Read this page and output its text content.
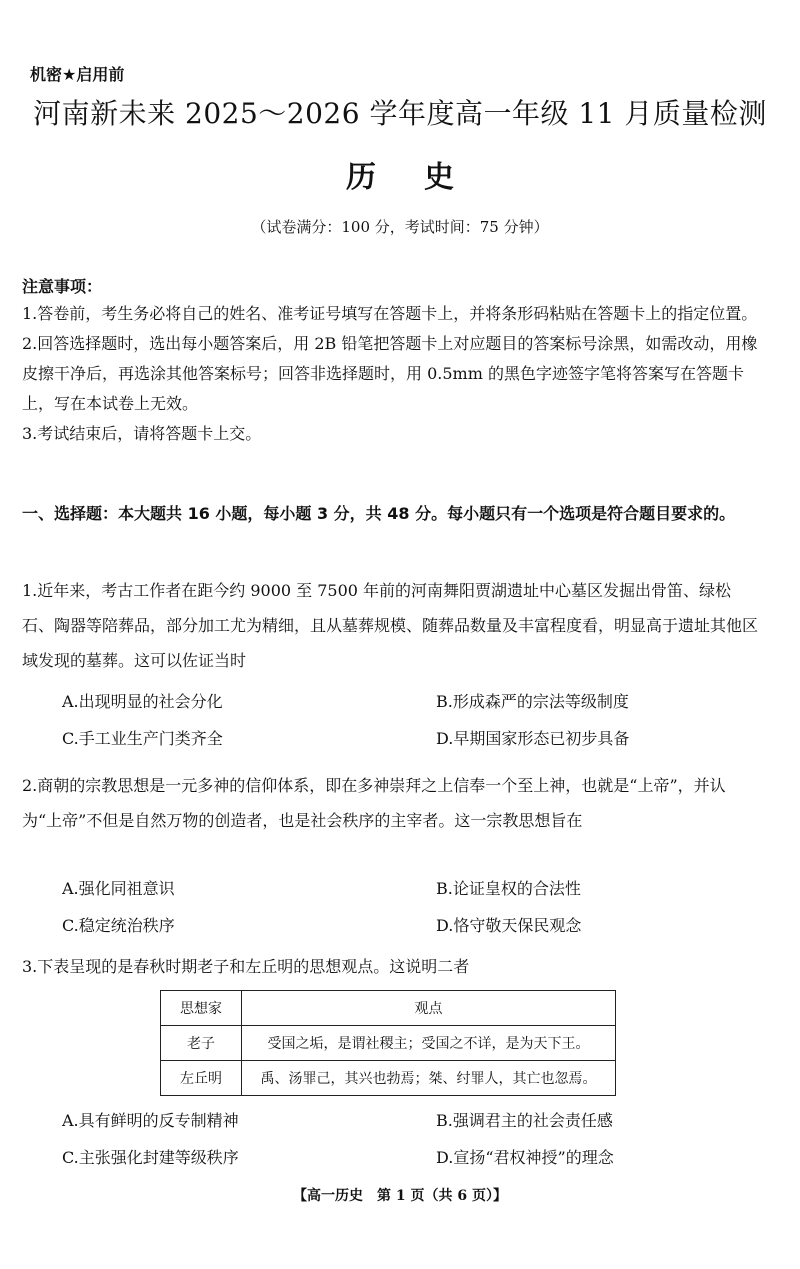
机密★启用前
河南新未来 2025～2026 学年度高一年级 11 月质量检测
历史
（试卷满分：100 分，考试时间：75 分钟）
注意事项：

1.答卷前，考生务必将自己的姓名、准考证号填写在答题卡上，并将条形码粘贴在答题卡上的指定位置。

2.回答选择题时，选出每小题答案后，用 2B 铅笔把答题卡上对应题目的答案标号涂黑，如需改动，用橡皮擦干净后，再选涂其他答案标号；回答非选择题时，用 0.5mm 的黑色字迹签字笔将答案写在答题卡上，写在本试卷上无效。

3.考试结束后，请将答题卡上交。

一、选择题：本大题共 16 小题，每小题 3 分，共 48 分。每小题只有一个选项是符合题目要求的。
1.近年来，考古工作者在距今约 9000 至 7500 年前的河南舞阳贾湖遗址中心墓区发掘出骨笛、绿松石、陶器等陪葬品，部分加工尤为精细，且从墓葬规模、随葬品数量及丰富程度看，明显高于遗址其他区域发现的墓葬。这可以佐证当时
A.出现明显的社会分化	B.形成森严的宗法等级制度
C.手工业生产门类齐全	D.早期国家形态已初步具备
2.商朝的宗教思想是一元多神的信仰体系，即在多神崇拜之上信奉一个至上神，也就是“上帝”，并认为“上帝”不但是自然万物的创造者，也是社会秩序的主宰者。这一宗教思想旨在
A.强化同祖意识	B.论证皇权的合法性
C.稳定统治秩序	D.恪守敬天保民观念
3.下表呈现的是春秋时期老子和左丘明的思想观点。这说明二者
思想家	观点
老子	受国之垢，是谓社稷主；受国之不详，是为天下王。
左丘明	禹、汤罪己，其兴也勃焉；桀、纣罪人，其亡也忽焉。
A.具有鲜明的反专制精神	B.强调君主的社会责任感
C.主张强化封建等级秩序	D.宣扬“君权神授”的理念
【高一历史　第 1 页（共 6 页）】
